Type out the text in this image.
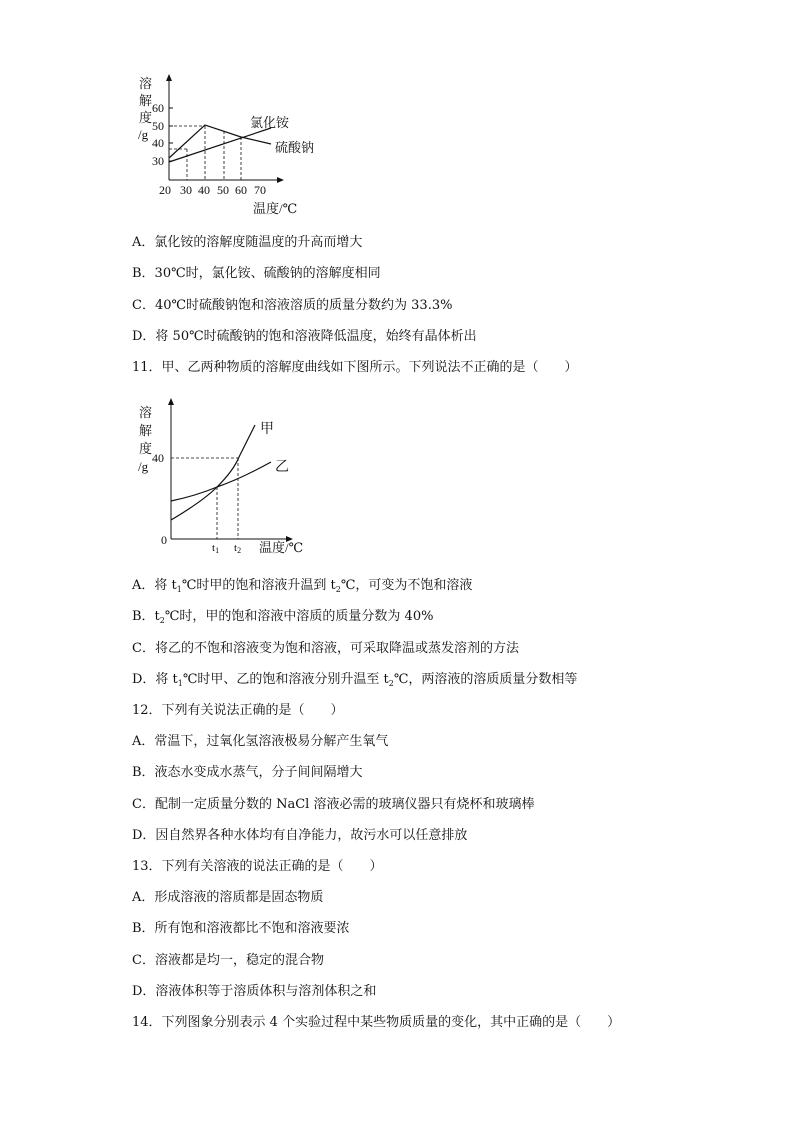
溶
解
度
/g
60
50
40
30
20 30 40 50 60 70
氯化铵
硫酸钠
温度/℃
A．氯化铵的溶解度随温度的升高而增大
B．30℃时，氯化铵、硫酸钠的溶解度相同
C．40℃时硫酸钠饱和溶液溶质的质量分数约为 33.3%
D．将 50℃时硫酸钠的饱和溶液降低温度，始终有晶体析出
11．甲、乙两种物质的溶解度曲线如下图所示。下列说法不正确的是（　　）
溶
解
度
/g
0
40
甲
乙
t1 t2 温度/℃
A．将 $t_1℃$时甲的饱和溶液升温到 $t_2℃$，可变为不饱和溶液
B．$t_2℃$时，甲的饱和溶液中溶质的质量分数为 40%
C．将乙的不饱和溶液变为饱和溶液，可采取降温或蒸发溶剂的方法
D．将 $t_1℃$时甲、乙的饱和溶液分别升温至 $t_2℃$，两溶液的溶质质量分数相等
12．下列有关说法正确的是（　　）
A．常温下，过氧化氢溶液极易分解产生氧气
B．液态水变成水蒸气，分子间间隔增大
C．配制一定质量分数的 NaCl 溶液必需的玻璃仪器只有烧杯和玻璃棒
D．因自然界各种水体均有自净能力，故污水可以任意排放
13．下列有关溶液的说法正确的是（　　）
A．形成溶液的溶质都是固态物质
B．所有饱和溶液都比不饱和溶液要浓
C．溶液都是均一，稳定的混合物
D．溶液体积等于溶质体积与溶剂体积之和
14．下列图象分别表示 4 个实验过程中某些物质质量的变化，其中正确的是（　　）
